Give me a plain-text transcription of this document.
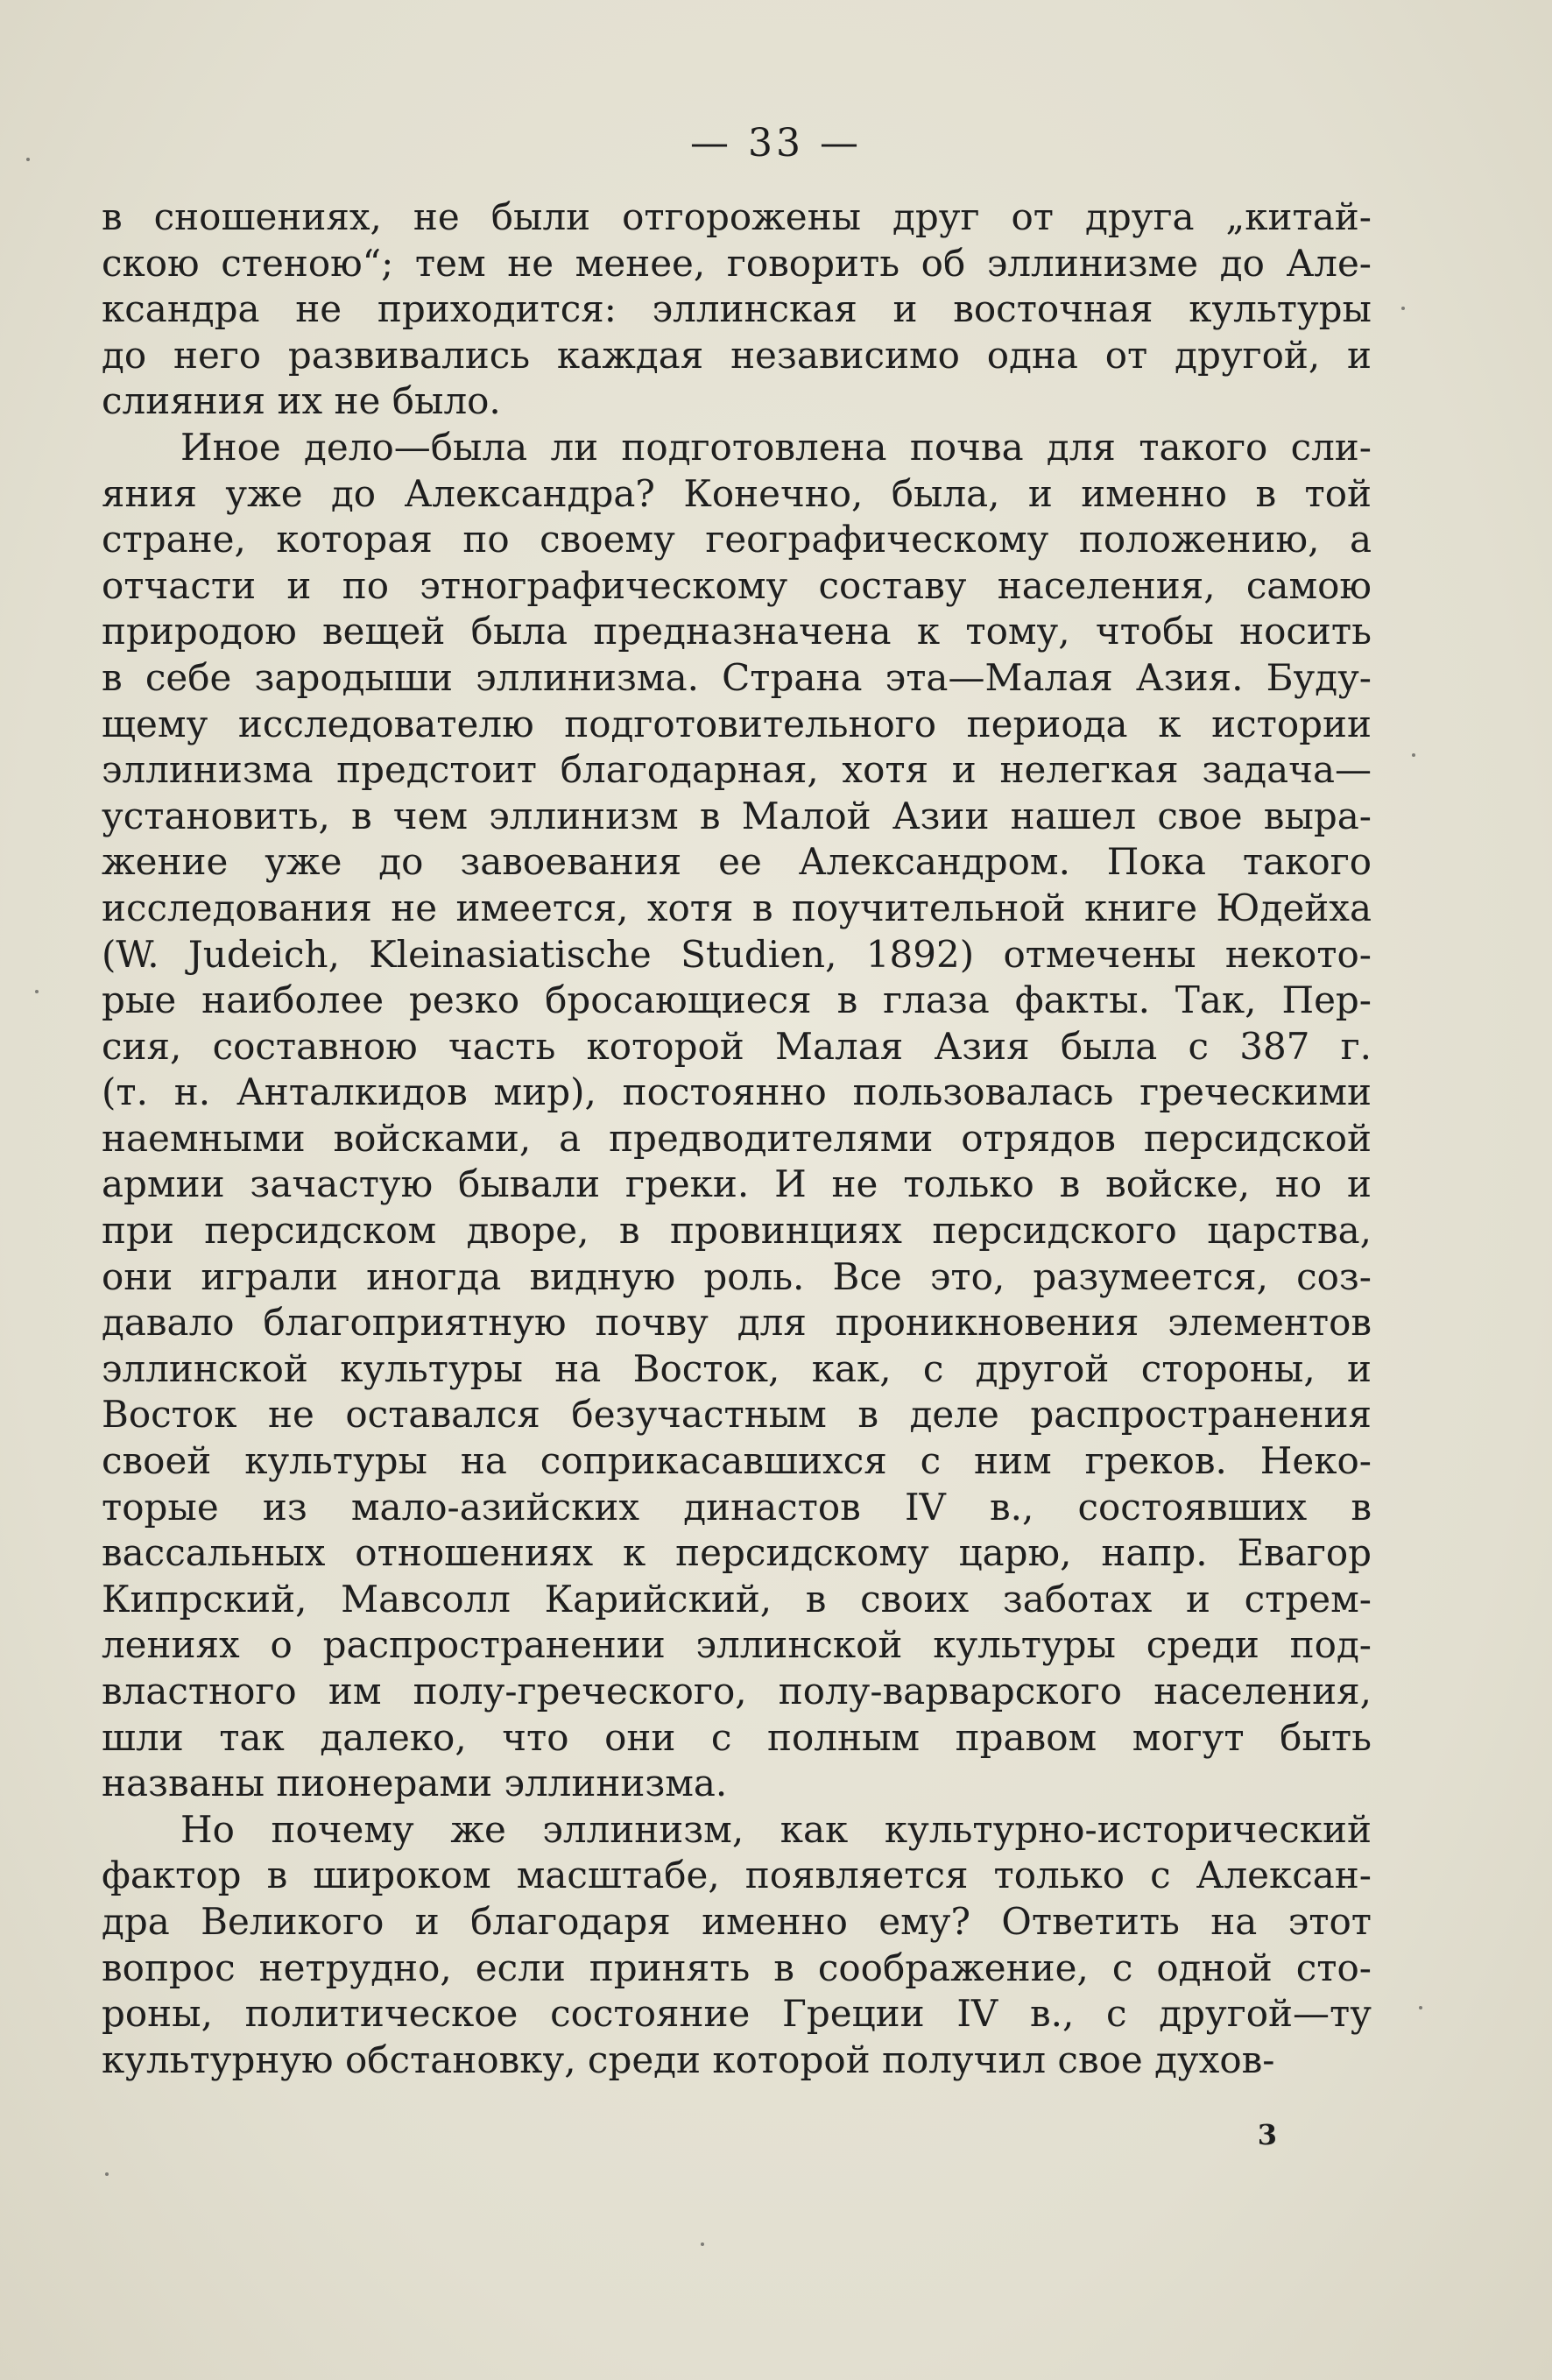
— 33 —
в сношениях, не были отгорожены друг от друга „китай-
скою стеною“; тем не менее, говорить об эллинизме до Але-
ксандра не приходится: эллинская и восточная культуры
до него развивались каждая независимо одна от другой, и
слияния их не было.
Иное дело—была ли подготовлена почва для такого сли-
яния уже до Александра? Конечно, была, и именно в той
стране, которая по своему географическому положению, а
отчасти и по этнографическому составу населения, самою
природою вещей была предназначена к тому, чтобы носить
в себе зародыши эллинизма. Страна эта—Малая Азия. Буду-
щему исследователю подготовительного периода к истории
эллинизма предстоит благодарная, хотя и нелегкая задача—
установить, в чем эллинизм в Малой Азии нашел свое выра-
жение уже до завоевания ее Александром. Пока такого
исследования не имеется, хотя в поучительной книге Юдейха
(W. Judeich, Kleinasiatische Studien, 1892) отмечены некото-
рые наиболее резко бросающиеся в глаза факты. Так, Пер-
сия, составною часть которой Малая Азия была с 387 г.
(т. н. Анталкидов мир), постоянно пользовалась греческими
наемными войсками, а предводителями отрядов персидской
армии зачастую бывали греки. И не только в войске, но и
при персидском дворе, в провинциях персидского царства,
они играли иногда видную роль. Все это, разумеется, соз-
давало благоприятную почву для проникновения элементов
эллинской культуры на Восток, как, с другой стороны, и
Восток не оставался безучастным в деле распространения
своей культуры на соприкасавшихся с ним греков. Неко-
торые из мало-азийских династов IV в., состоявших в
вассальных отношениях к персидскому царю, напр. Евагор
Кипрский, Мавсолл Карийский, в своих заботах и стрем-
лениях о распространении эллинской культуры среди под-
властного им полу-греческого, полу-варварского населения,
шли так далеко, что они с полным правом могут быть
названы пионерами эллинизма.
Но почему же эллинизм, как культурно-исторический
фактор в широком масштабе, появляется только с Алексан-
дра Великого и благодаря именно ему? Ответить на этот
вопрос нетрудно, если принять в соображение, с одной сто-
роны, политическое состояние Греции IV в., с другой—ту
культурную обстановку, среди которой получил свое духов-
3
